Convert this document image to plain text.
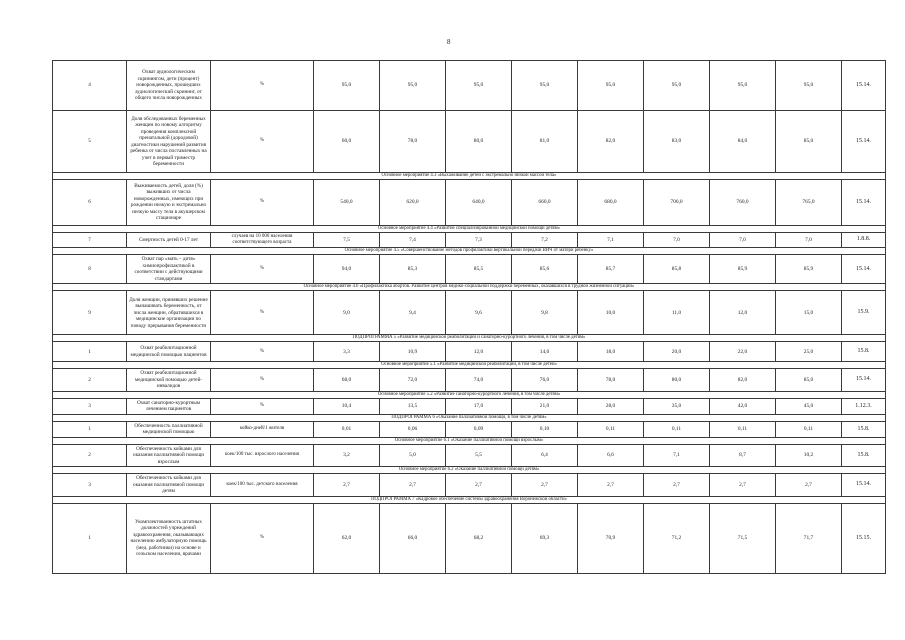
8
4	Охват аудиологическим скринингом, дети (процент) новорожденных, прошедших аудиологический скрининг, от общего числа новорожденных	%	95,0	95,0	95,0	95,0	95,0	95,0	95,0	95,0	15.14.
5	Доля обследованных беременных женщин по новому алгоритму проведения комплексной пренатальной (дородовой) диагностики нарушений развития ребенка от числа поставленных на учет в первый триместр беременности	%	60,0	78,0	80,0	81,0	82,0	83,0	84,0	85,0	15.14.
Основное мероприятие 4.3 «Выхаживание детей с экстремально низкой массой тела»											
6	Выживаемость детей, доля (%) выживших от числа новорожденных, имеющих при рождении низкую и экстремально низкую массу тела в акушерском стационаре	%	540,0	620,0	640,0	660,0	680,0	700,0	760,0	765,0	15.14.
Основное мероприятие 4.4 «Развитие специализированной медицинской помощи детям»											
7	Смертность детей 0-17 лет	случаев на 10 000 населения соответствующего возраста	7,5	7,4	7,3	7,2	7,1	7,0	7,0	7,0	1.8.8.
Основное мероприятие 4.5 «Совершенствование методов профилактики вертикальной передачи ВИЧ от матери ребенку»											
8	Охват пар «мать – дитя» химиопрофилактикой в соответствии с действующими стандартами	%	94,0	85,3	85,5	85,6	85,7	85,8	85,9	85,9	15.14.
Основное мероприятие 4.6 «Профилактика абортов. Развитие центров медико-социальной поддержки беременных, оказавшихся в трудной жизненной ситуации»											
9	Доля женщин, принявших решение вынашивать беременность, от числа женщин, обратившихся в медицинские организации по поводу прерывания беременности	%	9,0	9,4	9,6	9,8	10,0	11,0	12,0	15,0	15.9.
ПОДПРОГРАММА 5 «Развитие медицинской реабилитации и санаторно-курортного лечения, в том числе детям»											
1	Охват реабилитационной медицинской помощью пациентов	%	3,3	10,9	12,0	14,0	18,0	20,0	22,0	25,0	15.8.
Основное мероприятие 5.1 «Развитие медицинской реабилитации, в том числе детей»											
2	Охват реабилитационной медицинской помощью детей-инвалидов	%	68,0	72,0	74,0	76,0	78,0	80,0	82,0	85,0	15.14.
Основное мероприятие 5.2 «Развитие санаторно-курортного лечения, в том числе детям»											
3	Охват санаторно-курортным лечением пациентов	%	10,4	13,5	17,0	21,0	28,0	35,0	42,0	45,0	1.12.3.
ПОДПРОГРАММА 6 «Оказание паллиативной помощи, в том числе детям»											
1	Обеспеченность паллиативной медицинской помощью	койко-дней/1 жителя	0,01	0,06	0,09	0,10	0,11	0,11	0,11	0,11	15.8.
Основное мероприятие 6.1 «Оказание паллиативной помощи взрослым»											
2	Обеспеченность койками для оказания паллиативной помощи взрослым	коек/100 тыс. взрослого населения	3,2	5,0	5,5	6,4	6,6	7,1	8,7	10,2	15.8.
Основное мероприятие 6.2 «Оказание паллиативной помощи детям»											
3	Обеспеченность койками для оказания паллиативной помощи детям	коек/100 тыс. детского населения	2,7	2,7	2,7	2,7	2,7	2,7	2,7	2,7	15.14.
ПОДПРОГРАММА 7 «Кадровое обеспечение системы здравоохранения Воронежской области»											
1	Укомплектованность штатных должностей учреждений здравоохранения, оказывающих населению амбулаторную помощь (мед. работники) на основе и сельском населении, врачами	%	62,0	66,0	68,2	69,3	70,9	71,2	71,5	71,7	15.15.
